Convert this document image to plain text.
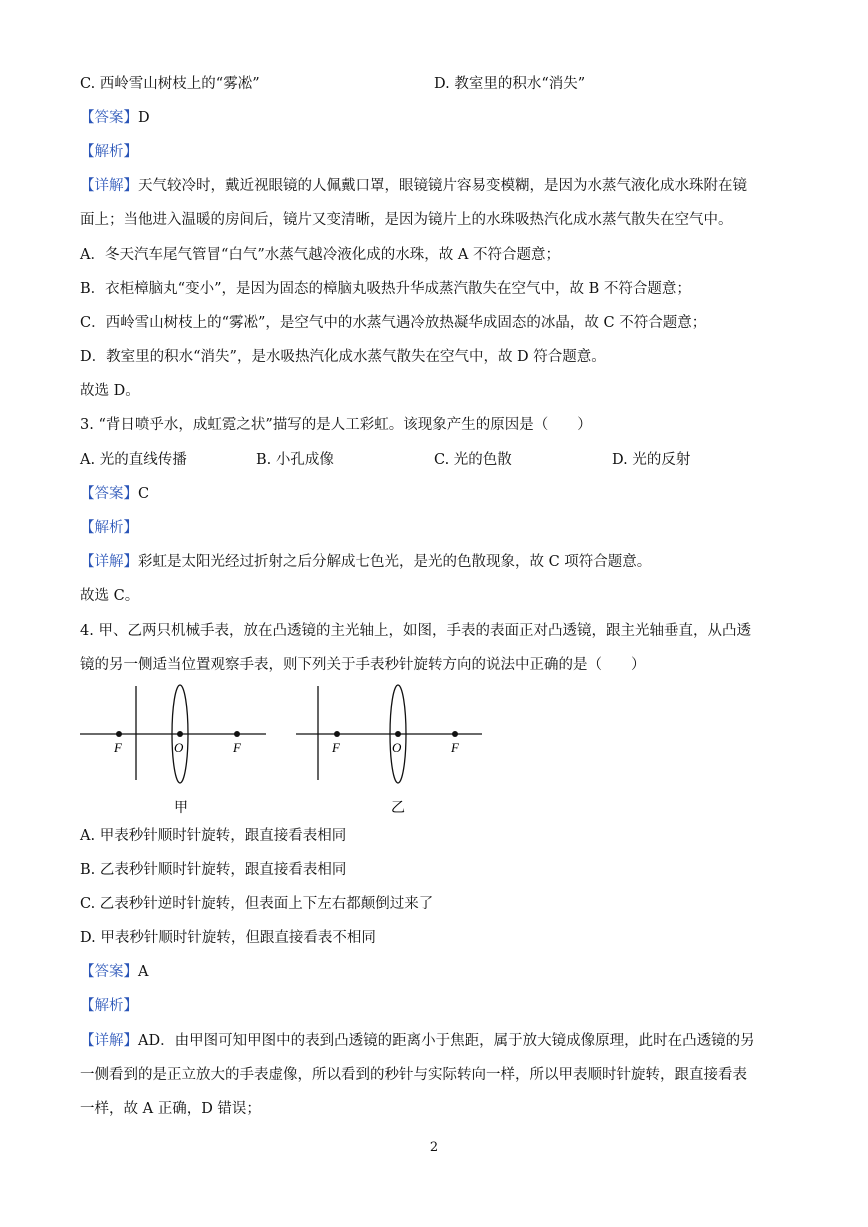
C. 西岭雪山树枝上的“雾凇”	D. 教室里的积水“消失”
【答案】D
【解析】
【详解】天气较冷时，戴近视眼镜的人佩戴口罩，眼镜镜片容易变模糊，是因为水蒸气液化成水珠附在镜
面上；当他进入温暖的房间后，镜片又变清晰，是因为镜片上的水珠吸热汽化成水蒸气散失在空气中。
A．冬天汽车尾气管冒“白气”水蒸气越冷液化成的水珠，故 A 不符合题意；
B．衣柜樟脑丸“变小”，是因为固态的樟脑丸吸热升华成蒸汽散失在空气中，故 B 不符合题意；
C．西岭雪山树枝上的“雾凇”，是空气中的水蒸气遇冷放热凝华成固态的冰晶，故 C 不符合题意；
D．教室里的积水“消失”，是水吸热汽化成水蒸气散失在空气中，故 D 符合题意。
故选 D。
3. “背日喷乎水，成虹霓之状”描写的是人工彩虹。该现象产生的原因是（　　）
A. 光的直线传播	B. 小孔成像	C. 光的色散	D. 光的反射
【答案】C
【解析】
【详解】彩虹是太阳光经过折射之后分解成七色光，是光的色散现象，故 C 项符合题意。
故选 C。
4. 甲、乙两只机械手表，放在凸透镜的主光轴上，如图，手表的表面正对凸透镜，跟主光轴垂直，从凸透
镜的另一侧适当位置观察手表，则下列关于手表秒针旋转方向的说法中正确的是（　　）
F	O	F
甲
F	O	F
乙
A. 甲表秒针顺时针旋转，跟直接看表相同
B. 乙表秒针顺时针旋转，跟直接看表相同
C. 乙表秒针逆时针旋转，但表面上下左右都颠倒过来了
D. 甲表秒针顺时针旋转，但跟直接看表不相同
【答案】A
【解析】
【详解】AD．由甲图可知甲图中的表到凸透镜的距离小于焦距，属于放大镜成像原理，此时在凸透镜的另
一侧看到的是正立放大的手表虚像，所以看到的秒针与实际转向一样，所以甲表顺时针旋转，跟直接看表
一样，故 A 正确，D 错误；
2
